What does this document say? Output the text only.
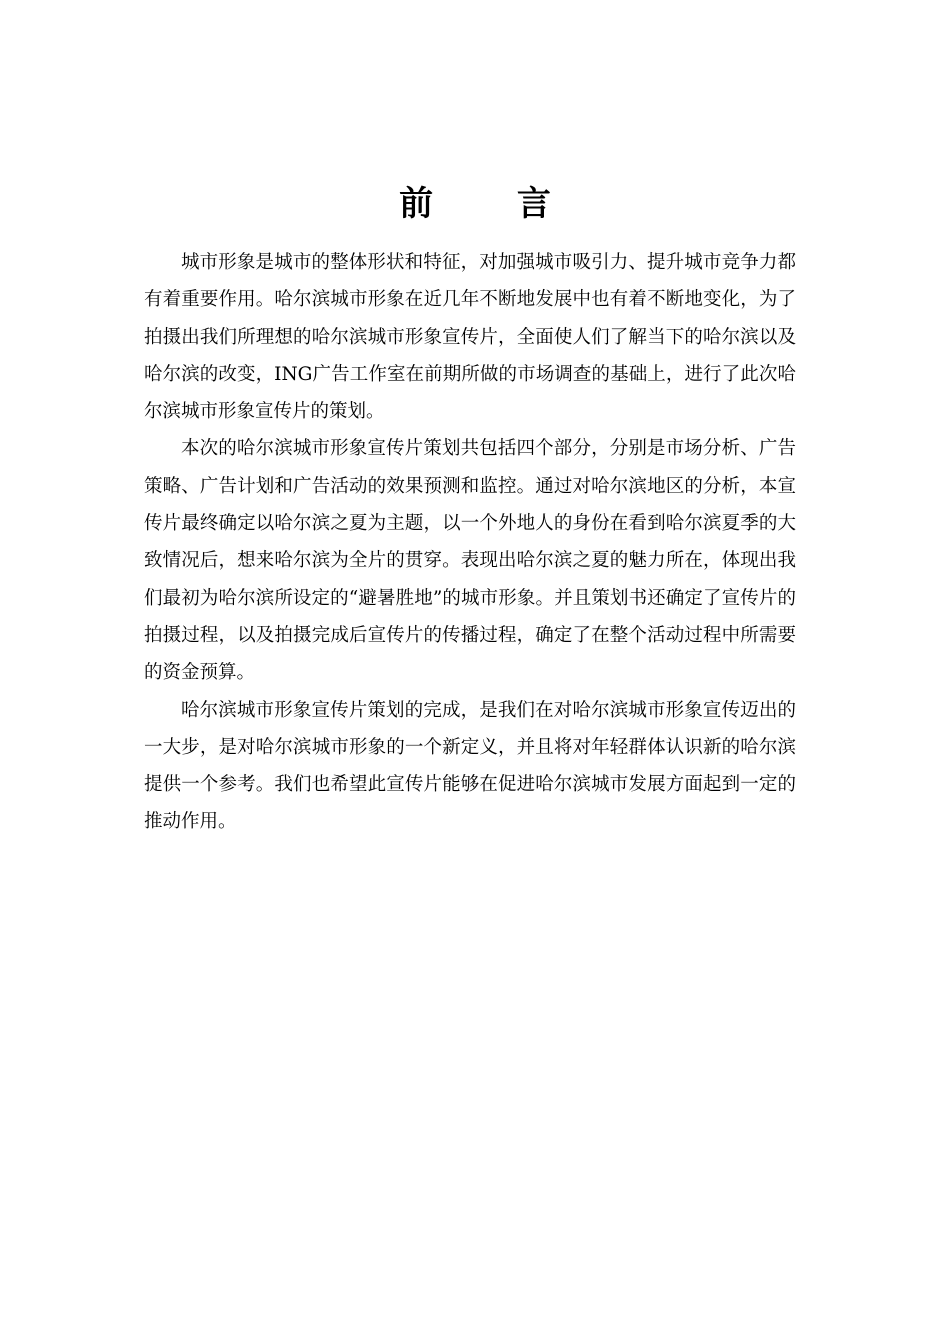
前 言

城市形象是城市的整体形状和特征，对加强城市吸引力、提升城市竞争力都有着重要作用。哈尔滨城市形象在近几年不断地发展中也有着不断地变化，为了拍摄出我们所理想的哈尔滨城市形象宣传片，全面使人们了解当下的哈尔滨以及哈尔滨的改变，ING广告工作室在前期所做的市场调查的基础上，进行了此次哈尔滨城市形象宣传片的策划。

本次的哈尔滨城市形象宣传片策划共包括四个部分，分别是市场分析、广告策略、广告计划和广告活动的效果预测和监控。通过对哈尔滨地区的分析，本宣传片最终确定以哈尔滨之夏为主题，以一个外地人的身份在看到哈尔滨夏季的大致情况后，想来哈尔滨为全片的贯穿。表现出哈尔滨之夏的魅力所在，体现出我们最初为哈尔滨所设定的“避暑胜地”的城市形象。并且策划书还确定了宣传片的拍摄过程，以及拍摄完成后宣传片的传播过程，确定了在整个活动过程中所需要的资金预算。

哈尔滨城市形象宣传片策划的完成，是我们在对哈尔滨城市形象宣传迈出的一大步，是对哈尔滨城市形象的一个新定义，并且将对年轻群体认识新的哈尔滨提供一个参考。我们也希望此宣传片能够在促进哈尔滨城市发展方面起到一定的推动作用。
